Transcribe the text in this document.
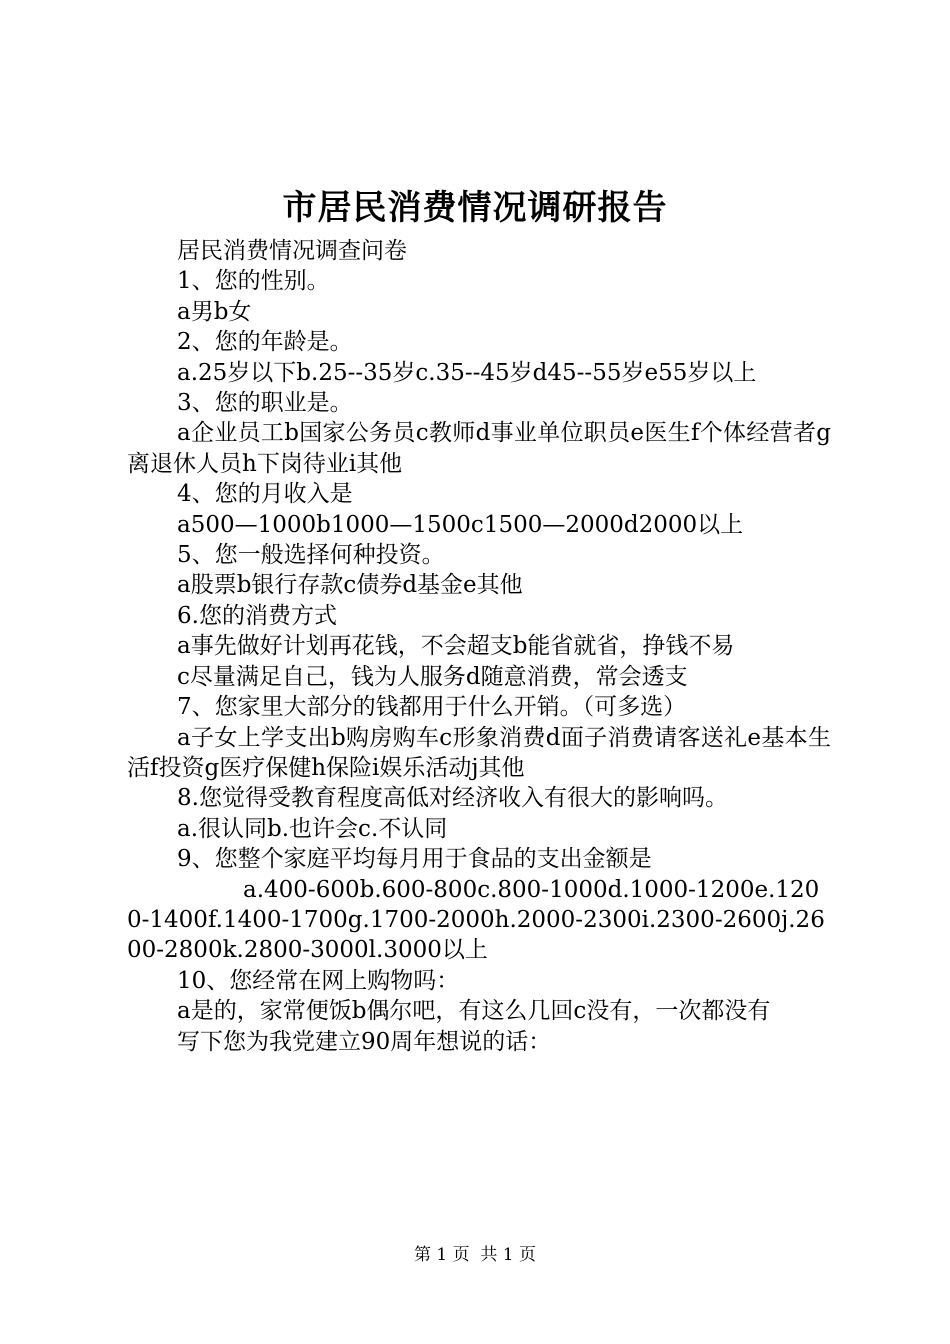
市居民消费情况调研报告

居民消费情况调查问卷

1、您的性别。

a男b女

2、您的年龄是。

a.25岁以下b.25--35岁c.35--45岁d45--55岁e55岁以上

3、您的职业是。

a企业员工b国家公务员c教师d事业单位职员e医生f个体经营者g离退休人员h下岗待业i其他

4、您的月收入是

a500—1000b1000—1500c1500—2000d2000以上

5、您一般选择何种投资。

a股票b银行存款c债券d基金e其他

6.您的消费方式

a事先做好计划再花钱，不会超支b能省就省，挣钱不易

c尽量满足自己，钱为人服务d随意消费，常会透支

7、您家里大部分的钱都用于什么开销。（可多选）

a子女上学支出b购房购车c形象消费d面子消费请客送礼e基本生活f投资g医疗保健h保险i娱乐活动j其他

8.您觉得受教育程度高低对经济收入有很大的影响吗。

a.很认同b.也许会c.不认同

9、您整个家庭平均每月用于食品的支出金额是

a.400-600b.600-800c.800-1000d.1000-1200e.1200-1400f.1400-1700g.1700-2000h.2000-2300i.2300-2600j.2600-2800k.2800-3000l.3000以上

10、您经常在网上购物吗：

a是的，家常便饭b偶尔吧，有这么几回c没有，一次都没有

写下您为我党建立90周年想说的话：

第 1 页  共 1 页
